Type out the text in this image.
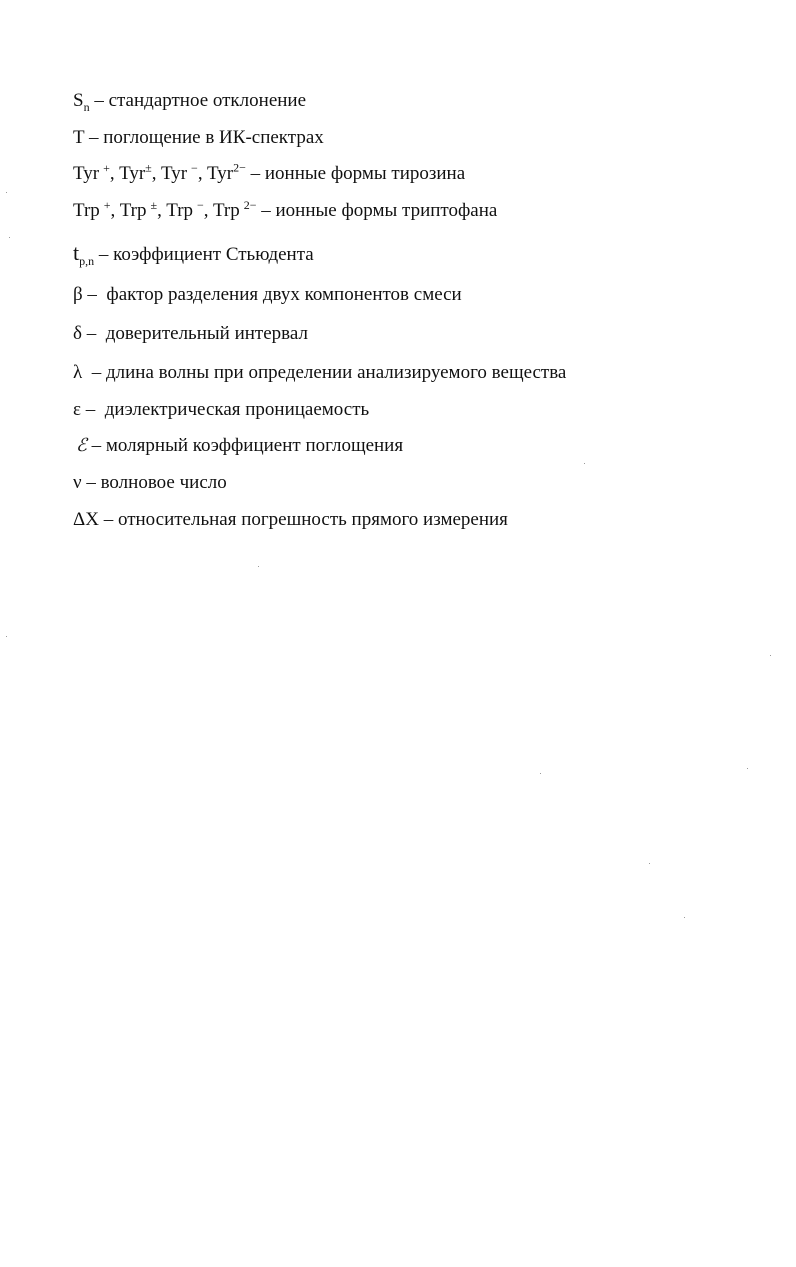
$S_n$ – стандартное отклонение
T – поглощение в ИК-спектрах
Tyr +, Tyr±, Tyr −, Tyr$^{2-}$ – ионные формы тирозина
Trp +, Trp ±, Trp −, Trp $^{2-}$ – ионные формы триптофана
$t_{p,n}$ – коэффициент Стьюдента
β –  фактор разделения двух компонентов смеси
δ –  доверительный интервал
λ  – длина волны при определении анализируемого вещества
ε –  диэлектрическая проницаемость
ℰ – молярный коэффициент поглощения
ν – волновое число
ΔX – относительная погрешность прямого измерения
